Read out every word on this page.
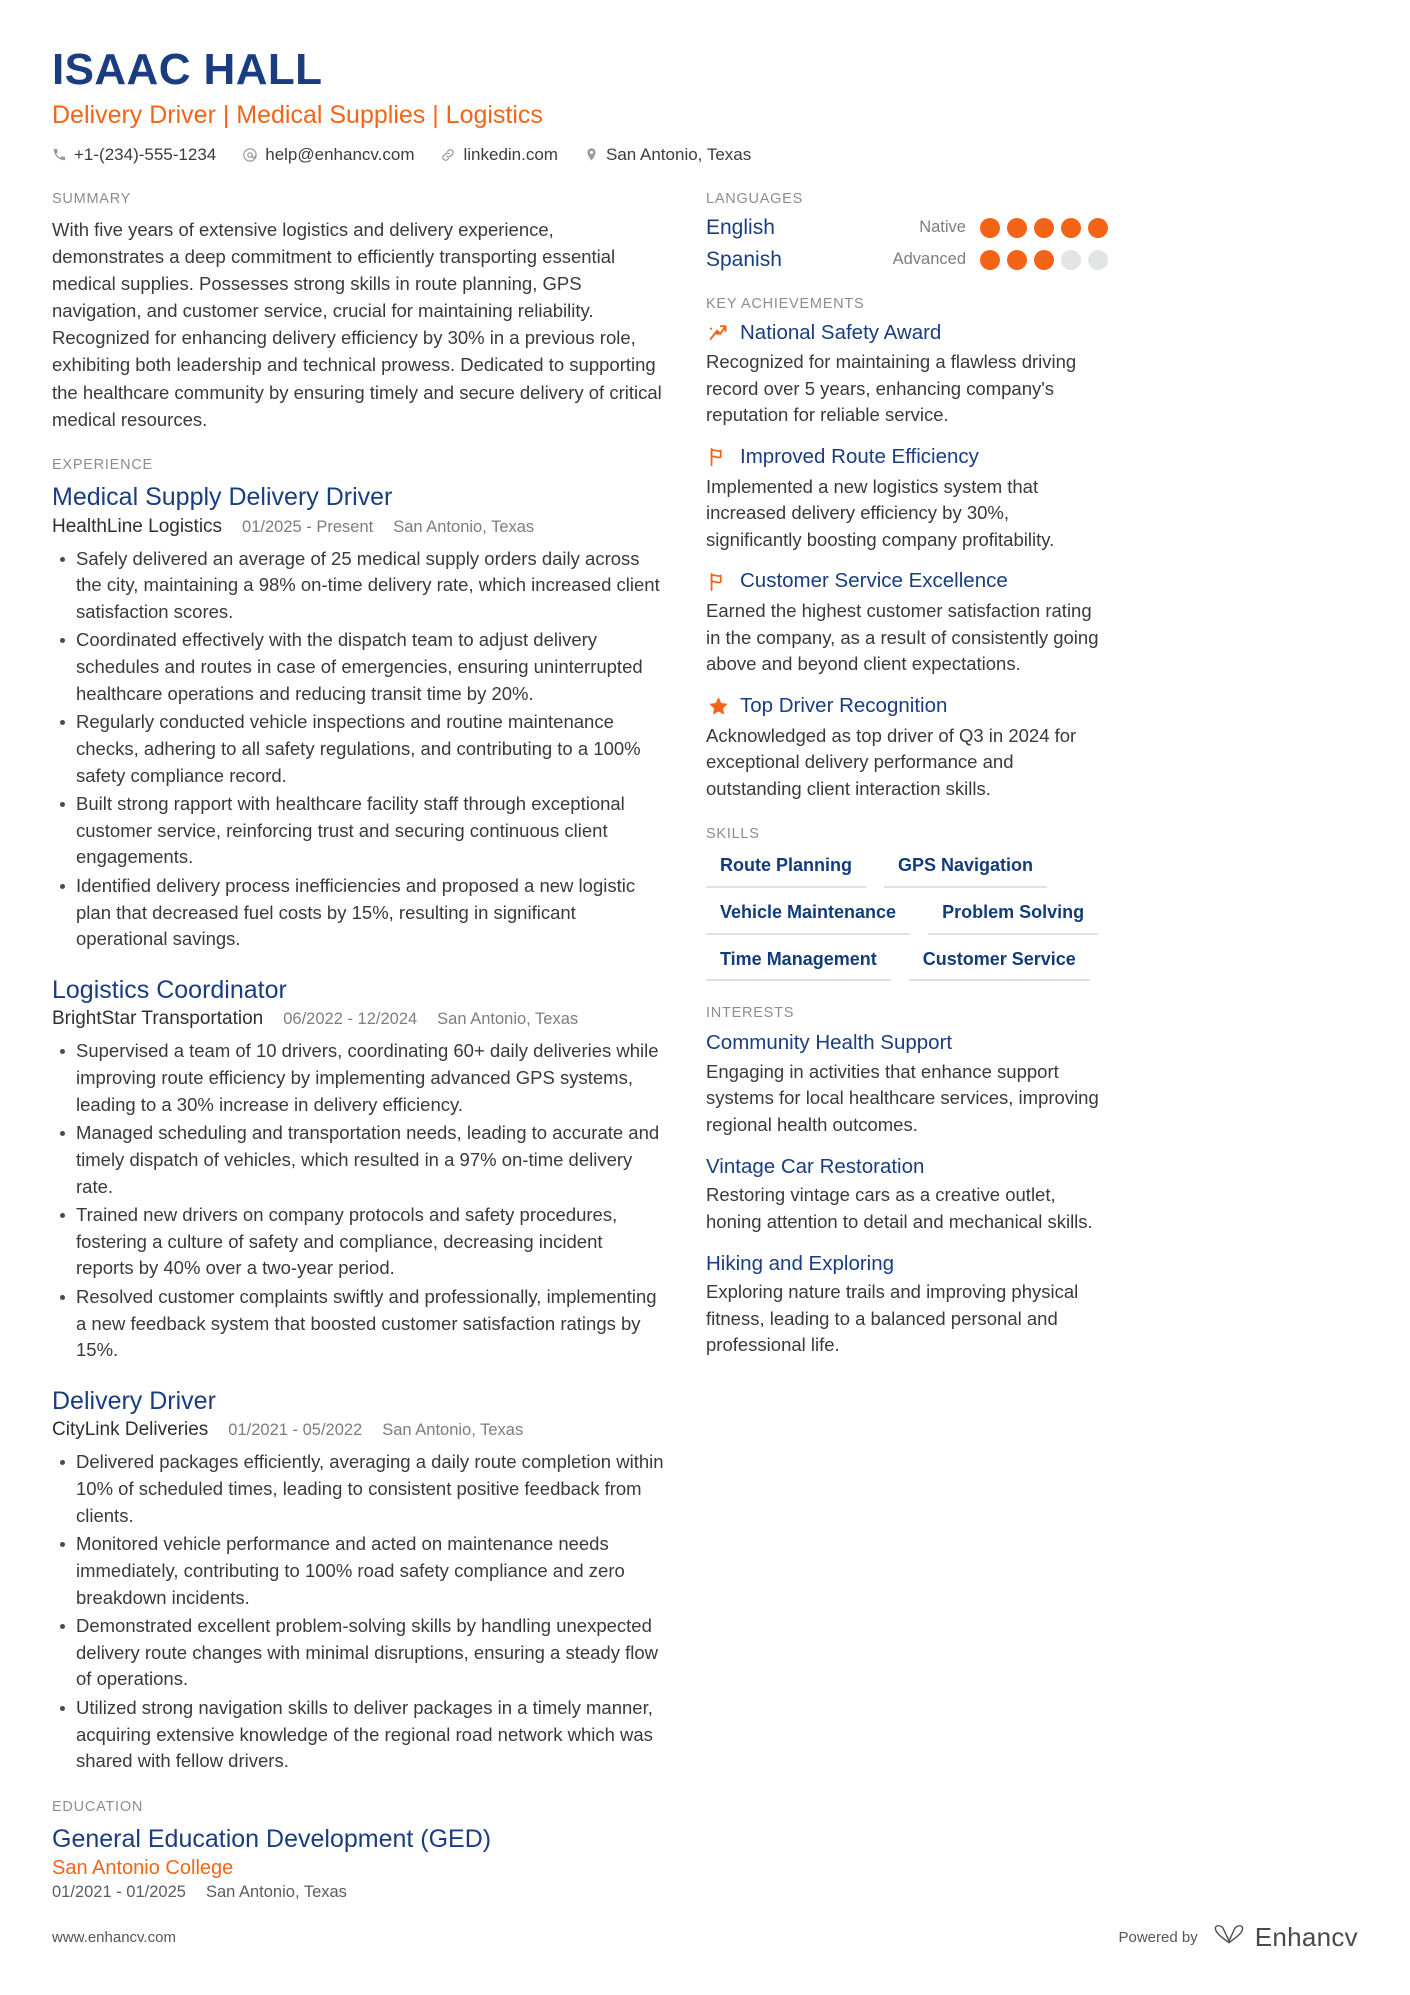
ISAAC HALL
Delivery Driver | Medical Supplies | Logistics
+1-(234)-555-1234	help@enhancv.com	linkedin.com	San Antonio, Texas
SUMMARY
With five years of extensive logistics and delivery experience, demonstrates a deep commitment to efficiently transporting essential medical supplies. Possesses strong skills in route planning, GPS navigation, and customer service, crucial for maintaining reliability. Recognized for enhancing delivery efficiency by 30% in a previous role, exhibiting both leadership and technical prowess. Dedicated to supporting the healthcare community by ensuring timely and secure delivery of critical medical resources.
EXPERIENCE
Medical Supply Delivery Driver
HealthLine Logistics 01/2025 - Present San Antonio, Texas
Safely delivered an average of 25 medical supply orders daily across the city, maintaining a 98% on-time delivery rate, which increased client satisfaction scores.
Coordinated effectively with the dispatch team to adjust delivery schedules and routes in case of emergencies, ensuring uninterrupted healthcare operations and reducing transit time by 20%.
Regularly conducted vehicle inspections and routine maintenance checks, adhering to all safety regulations, and contributing to a 100% safety compliance record.
Built strong rapport with healthcare facility staff through exceptional customer service, reinforcing trust and securing continuous client engagements.
Identified delivery process inefficiencies and proposed a new logistic plan that decreased fuel costs by 15%, resulting in significant operational savings.
Logistics Coordinator
BrightStar Transportation 06/2022 - 12/2024 San Antonio, Texas
Supervised a team of 10 drivers, coordinating 60+ daily deliveries while improving route efficiency by implementing advanced GPS systems, leading to a 30% increase in delivery efficiency.
Managed scheduling and transportation needs, leading to accurate and timely dispatch of vehicles, which resulted in a 97% on-time delivery rate.
Trained new drivers on company protocols and safety procedures, fostering a culture of safety and compliance, decreasing incident reports by 40% over a two-year period.
Resolved customer complaints swiftly and professionally, implementing a new feedback system that boosted customer satisfaction ratings by 15%.
Delivery Driver
CityLink Deliveries 01/2021 - 05/2022 San Antonio, Texas
Delivered packages efficiently, averaging a daily route completion within 10% of scheduled times, leading to consistent positive feedback from clients.
Monitored vehicle performance and acted on maintenance needs immediately, contributing to 100% road safety compliance and zero breakdown incidents.
Demonstrated excellent problem-solving skills by handling unexpected delivery route changes with minimal disruptions, ensuring a steady flow of operations.
Utilized strong navigation skills to deliver packages in a timely manner, acquiring extensive knowledge of the regional road network which was shared with fellow drivers.
EDUCATION
General Education Development (GED)
San Antonio College
01/2021 - 01/2025 San Antonio, Texas
LANGUAGES
English	Native
Spanish	Advanced
KEY ACHIEVEMENTS
National Safety Award
Recognized for maintaining a flawless driving record over 5 years, enhancing company's reputation for reliable service.
Improved Route Efficiency
Implemented a new logistics system that increased delivery efficiency by 30%, significantly boosting company profitability.
Customer Service Excellence
Earned the highest customer satisfaction rating in the company, as a result of consistently going above and beyond client expectations.
Top Driver Recognition
Acknowledged as top driver of Q3 in 2024 for exceptional delivery performance and outstanding client interaction skills.
SKILLS
Route Planning	GPS Navigation
Vehicle Maintenance	Problem Solving
Time Management	Customer Service
INTERESTS
Community Health Support
Engaging in activities that enhance support systems for local healthcare services, improving regional health outcomes.
Vintage Car Restoration
Restoring vintage cars as a creative outlet, honing attention to detail and mechanical skills.
Hiking and Exploring
Exploring nature trails and improving physical fitness, leading to a balanced personal and professional life.
www.enhancv.com	Powered by Enhancv
